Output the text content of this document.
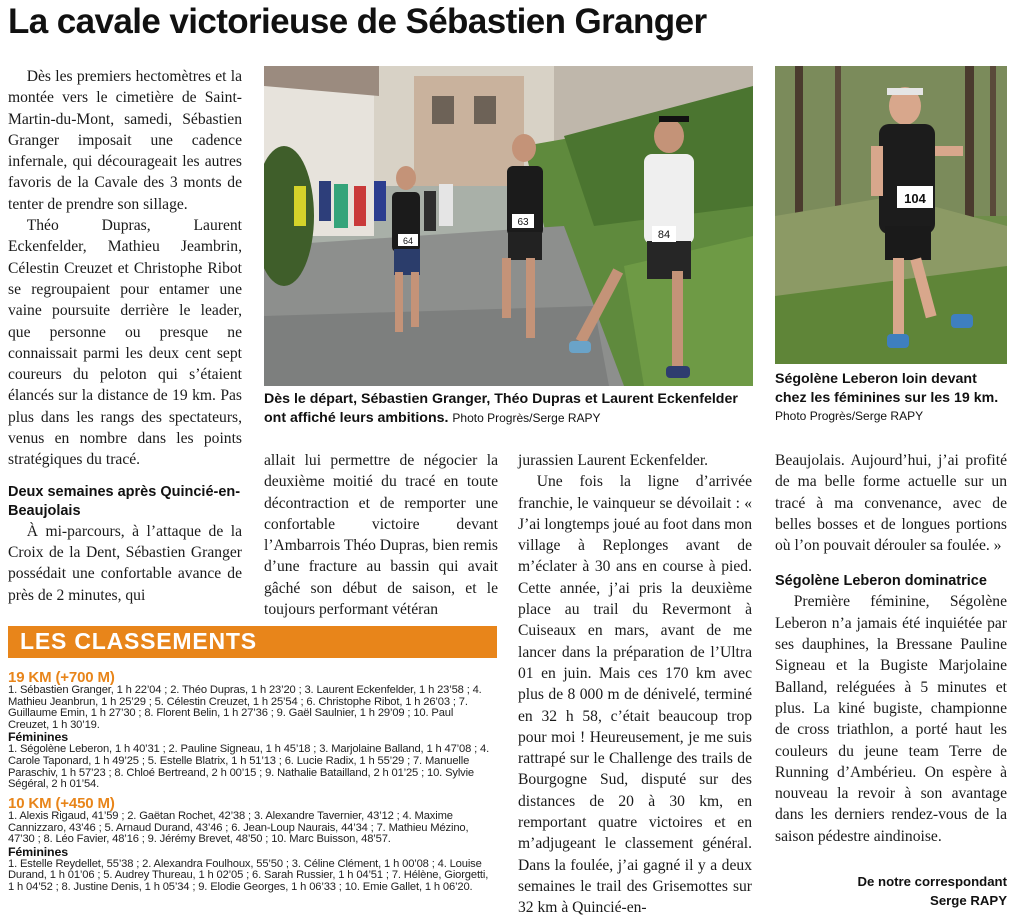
La cavale victorieuse de Sébastien Granger

Dès les premiers hectomètres et la montée vers le cimetière de Saint-Martin-du-Mont, samedi, Sébastien Granger imposait une cadence infernale, qui décourageait les autres favoris de la Cavale des 3 monts de tenter de prendre son sillage.

Théo Dupras, Laurent Eckenfelder, Mathieu Jeambrin, Célestin Creuzet et Christophe Ribot se regroupaient pour entamer une vaine poursuite derrière le leader, que personne ou presque ne connaissait parmi les deux cent sept coureurs du peloton qui s’étaient élancés sur la distance de 19 km. Pas plus dans les rangs des spectateurs, venus en nombre dans les points stratégiques du tracé.

Deux semaines après Quincié-en-Beaujolais

À mi-parcours, à l’attaque de la Croix de la Dent, Sébastien Granger possédait une confortable avance de près de 2 minutes, qui

allait lui permettre de négocier la deuxième moitié du tracé en toute décontraction et de remporter une confortable victoire devant l’Ambarrois Théo Dupras, bien remis d’une fracture au bassin qui avait gâché son début de saison, et le toujours performant vétéran

jurassien Laurent Eckenfelder.

Une fois la ligne d’arrivée franchie, le vainqueur se dévoilait : « J’ai longtemps joué au foot dans mon village à Replonges avant de m’éclater à 30 ans en course à pied. Cette année, j’ai pris la deuxième place au trail du Revermont à Cuiseaux en mars, avant de me lancer dans la préparation de l’Ultra 01 en juin. Mais ces 170 km avec plus de 8 000 m de dénivelé, terminé en 32 h 58, c’était beaucoup trop pour moi ! Heureusement, je me suis rattrapé sur le Challenge des trails de Bourgogne Sud, disputé sur des distances de 20 à 30 km, en remportant quatre victoires et en m’adjugeant le classement général. Dans la foulée, j’ai gagné il y a deux semaines le trail des Grisemottes sur 32 km à Quincié-en-

Beaujolais. Aujourd’hui, j’ai profité de ma belle forme actuelle sur un tracé à ma convenance, avec de belles bosses et de longues portions où l’on pouvait dérouler sa foulée. »

Ségolène Leberon dominatrice

Première féminine, Ségolène Leberon n’a jamais été inquiétée par ses dauphines, la Bressane Pauline Signeau et la Bugiste Marjolaine Balland, reléguées à 5 minutes et plus. La kiné bugiste, championne de cross triathlon, a porté haut les couleurs du jeune team Terre de Running d’Ambérieu. On espère à nouveau la revoir à son avantage dans les derniers rendez-vous de la saison pédestre aindinoise.

De notre correspondant
Serge RAPY
63
64	84
Dès le départ, Sébastien Granger, Théo Dupras et Laurent Eckenfelder ont affiché leurs ambitions. Photo Progrès/Serge RAPY
104
Ségolène Leberon loin devant chez les féminines sur les 19 km. Photo Progrès/Serge RAPY
LES CLASSEMENTS
19 KM (+700 M)
1. Sébastien Granger, 1 h 22’04 ; 2. Théo Dupras, 1 h 23’20 ; 3. Laurent Eckenfelder, 1 h 23’58 ; 4. Mathieu Jeanbrun, 1 h 25’29 ; 5. Célestin Creuzet, 1 h 25’54 ; 6. Christophe Ribot, 1 h 26’03 ; 7. Guillaume Emin, 1 h 27’30 ; 8. Florent Belin, 1 h 27’36 ; 9. Gaël Saulnier, 1 h 29’09 ; 10. Paul Creuzet, 1 h 30’19.
Féminines
1. Ségolène Leberon, 1 h 40’31 ; 2. Pauline Signeau, 1 h 45’18 ; 3. Marjolaine Balland, 1 h 47’08 ; 4. Carole Taponard, 1 h 49’25 ; 5. Estelle Blatrix, 1 h 51’13 ; 6. Lucie Radix, 1 h 55’29 ; 7. Manuelle Paraschiv, 1 h 57’23 ; 8. Chloé Bertreand, 2 h 00’15 ; 9. Nathalie Batailland, 2 h 01’25 ; 10. Sylvie Ségéral, 2 h 01’54.
10 KM (+450 M)
1. Alexis Rigaud, 41’59 ; 2. Gaëtan Rochet, 42’38 ; 3. Alexandre Tavernier, 43’12 ; 4. Maxime Cannizzaro, 43’46 ; 5. Arnaud Durand, 43’46 ; 6. Jean-Loup Naurais, 44’34 ; 7. Mathieu Mézino, 47’30 ; 8. Léo Favier, 48’16 ; 9. Jérémy Brevet, 48’50 ; 10. Marc Buisson, 48’57.
Féminines
1. Estelle Reydellet, 55’38 ; 2. Alexandra Foulhoux, 55’50 ; 3. Céline Clément, 1 h 00’08 ; 4. Louise Durand, 1 h 01’06 ; 5. Audrey Thureau, 1 h 02’05 ; 6. Sarah Russier, 1 h 04’51 ; 7. Hélène, Giorgetti, 1 h 04’52 ; 8. Justine Denis, 1 h 05’34 ; 9. Elodie Georges, 1 h 06’33 ; 10. Emie Gallet, 1 h 06’20.
